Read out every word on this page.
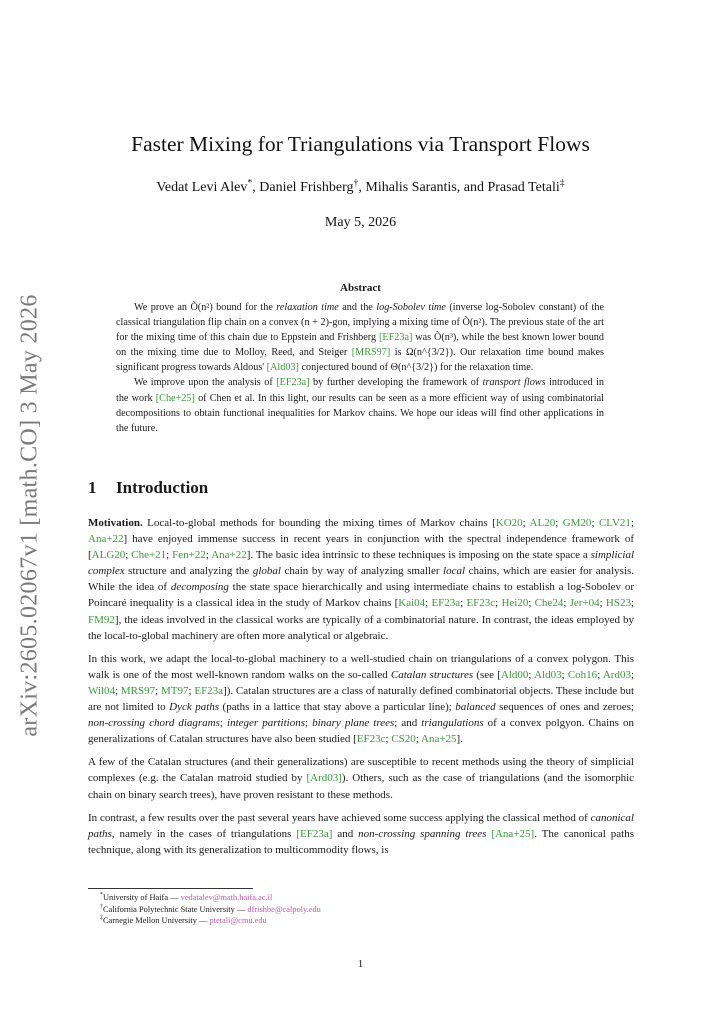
arXiv:2605.02067v1 [math.CO] 3 May 2026
Faster Mixing for Triangulations via Transport Flows
Vedat Levi Alev*, Daniel Frishberg†, Mihalis Sarantis, and Prasad Tetali‡
May 5, 2026
Abstract

We prove an Õ(n²) bound for the relaxation time and the log-Sobolev time (inverse log-Sobolev constant) of the classical triangulation flip chain on a convex (n + 2)-gon, implying a mixing time of Õ(n²). The previous state of the art for the mixing time of this chain due to Eppstein and Frishberg [EF23a] was Õ(n³), while the best known lower bound on the mixing time due to Molloy, Reed, and Steiger [MRS97] is Ω(n^{3/2}). Our relaxation time bound makes significant progress towards Aldous' [Ald03] conjectured bound of Θ(n^{3/2}) for the relaxation time.

We improve upon the analysis of [EF23a] by further developing the framework of transport flows introduced in the work [Che+25] of Chen et al. In this light, our results can be seen as a more efficient way of using combinatorial decompositions to obtain functional inequalities for Markov chains. We hope our ideas will find other applications in the future.

1 Introduction

Motivation. Local-to-global methods for bounding the mixing times of Markov chains [KO20; AL20; GM20; CLV21; Ana+22] have enjoyed immense success in recent years in conjunction with the spectral independence framework of [ALG20; Che+21; Fen+22; Ana+22]. The basic idea intrinsic to these techniques is imposing on the state space a simplicial complex structure and analyzing the global chain by way of analyzing smaller local chains, which are easier for analysis. While the idea of decomposing the state space hierarchically and using intermediate chains to establish a log-Sobolev or Poincaré inequality is a classical idea in the study of Markov chains [Kai04; EF23a; EF23c; Hei20; Che24; Jer+04; HS23; FM92], the ideas involved in the classical works are typically of a combinatorial nature. In contrast, the ideas employed by the local-to-global machinery are often more analytical or algebraic.

In this work, we adapt the local-to-global machinery to a well-studied chain on triangulations of a convex polygon. This walk is one of the most well-known random walks on the so-called Catalan structures (see [Ald00; Ald03; Coh16; Ard03; Wil04; MRS97; MT97; EF23a]). Catalan structures are a class of naturally defined combinatorial objects. These include but are not limited to Dyck paths (paths in a lattice that stay above a particular line); balanced sequences of ones and zeroes; non-crossing chord diagrams; integer partitions; binary plane trees; and triangulations of a convex polgyon. Chains on generalizations of Catalan structures have also been studied [EF23c; CS20; Ana+25].

A few of the Catalan structures (and their generalizations) are susceptible to recent methods using the theory of simplicial complexes (e.g. the Catalan matroid studied by [Ard03]). Others, such as the case of triangulations (and the isomorphic chain on binary search trees), have proven resistant to these methods.

In contrast, a few results over the past several years have achieved some success applying the classical method of canonical paths, namely in the cases of triangulations [EF23a] and non-crossing spanning trees [Ana+25]. The canonical paths technique, along with its generalization to multicommodity flows, is

*University of Haifa — vedatalev@math.haifa.ac.il
†California Polytechnic State University — dfrishbe@calpoly.edu
‡Carnegie Mellon University — ptetali@cmu.edu
1
